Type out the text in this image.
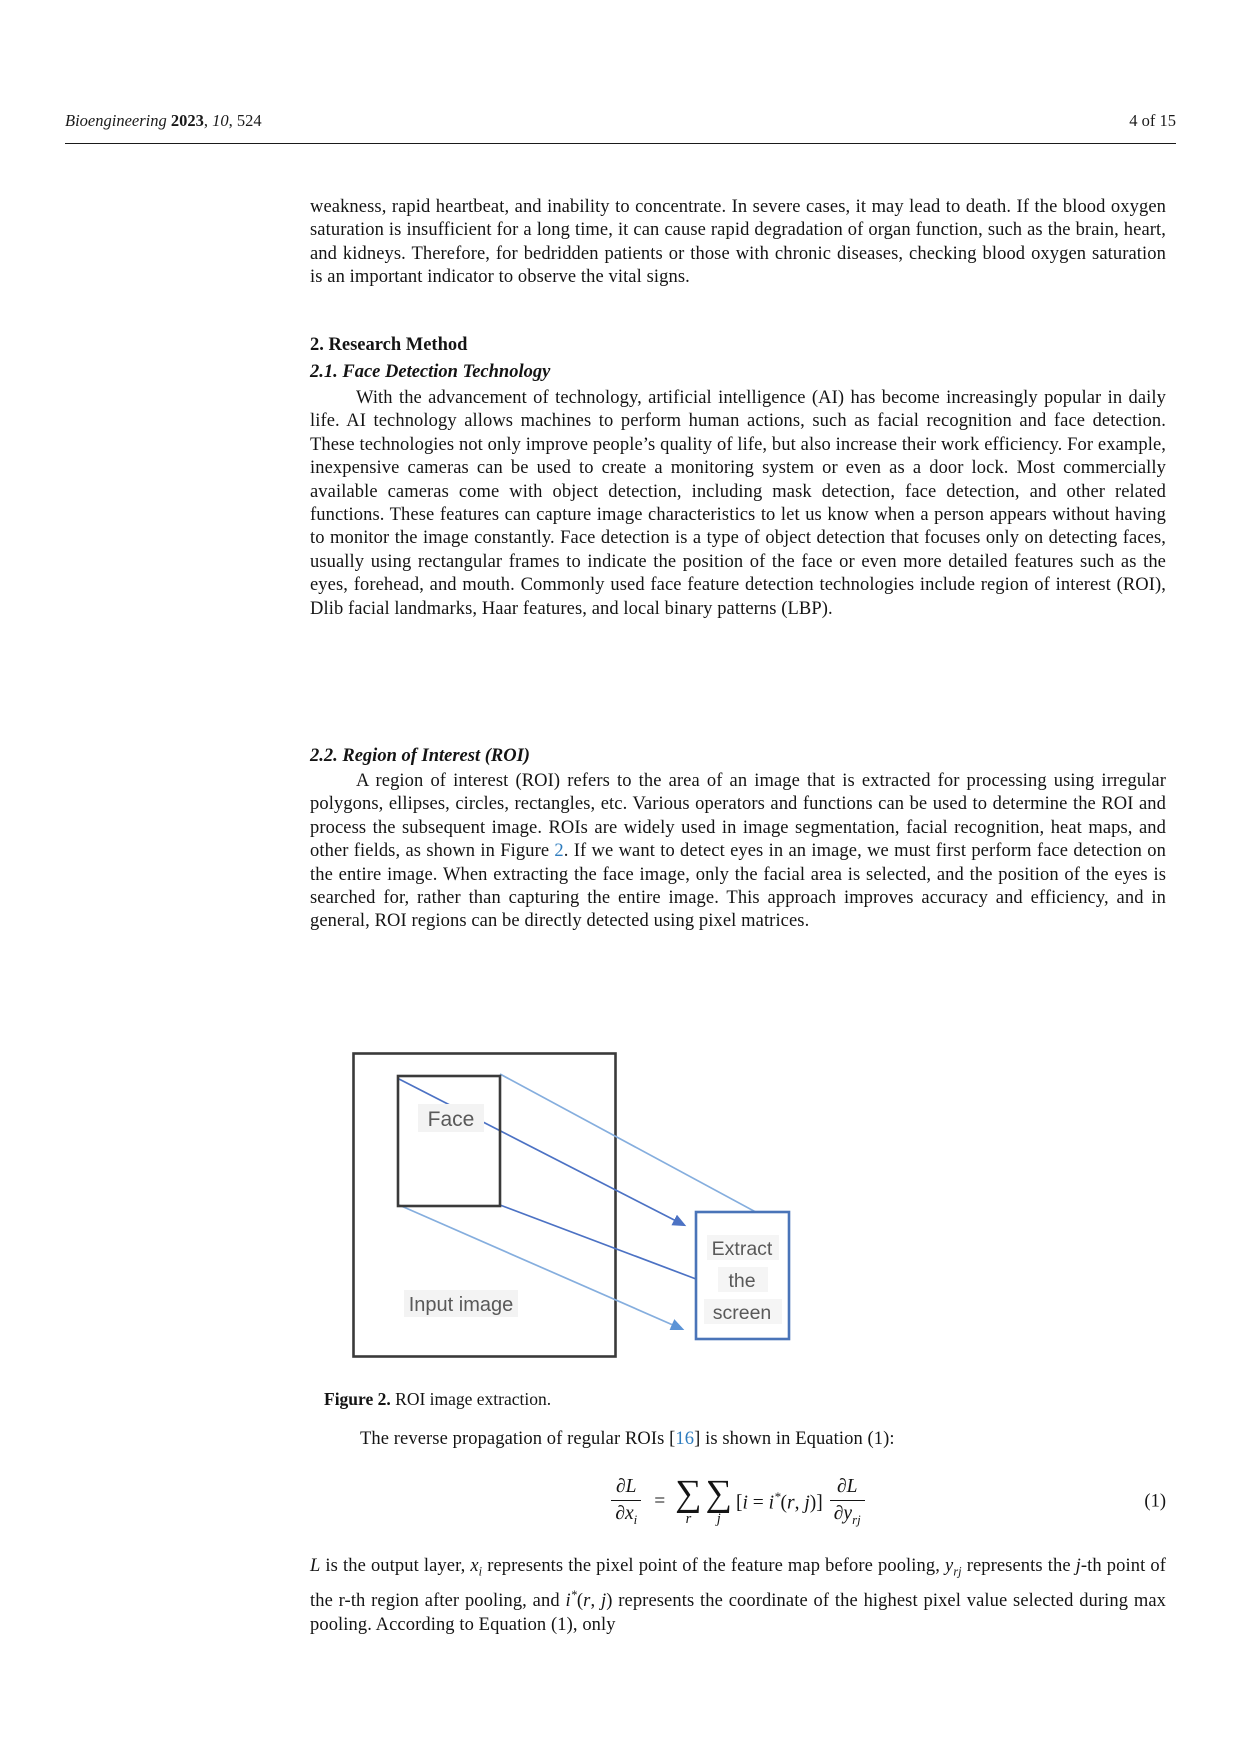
Bioengineering 2023, 10, 524	4 of 15

weakness, rapid heartbeat, and inability to concentrate. In severe cases, it may lead to death. If the blood oxygen saturation is insufficient for a long time, it can cause rapid degradation of organ function, such as the brain, heart, and kidneys. Therefore, for bedridden patients or those with chronic diseases, checking blood oxygen saturation is an important indicator to observe the vital signs.

2. Research Method
2.1. Face Detection Technology

With the advancement of technology, artificial intelligence (AI) has become increasingly popular in daily life. AI technology allows machines to perform human actions, such as facial recognition and face detection. These technologies not only improve people’s quality of life, but also increase their work efficiency. For example, inexpensive cameras can be used to create a monitoring system or even as a door lock. Most commercially available cameras come with object detection, including mask detection, face detection, and other related functions. These features can capture image characteristics to let us know when a person appears without having to monitor the image constantly. Face detection is a type of object detection that focuses only on detecting faces, usually using rectangular frames to indicate the position of the face or even more detailed features such as the eyes, forehead, and mouth. Commonly used face feature detection technologies include region of interest (ROI), Dlib facial landmarks, Haar features, and local binary patterns (LBP).

2.2. Region of Interest (ROI)

A region of interest (ROI) refers to the area of an image that is extracted for processing using irregular polygons, ellipses, circles, rectangles, etc. Various operators and functions can be used to determine the ROI and process the subsequent image. ROIs are widely used in image segmentation, facial recognition, heat maps, and other fields, as shown in Figure 2. If we want to detect eyes in an image, we must first perform face detection on the entire image. When extracting the face image, only the facial area is selected, and the position of the eyes is searched for, rather than capturing the entire image. This approach improves accuracy and efficiency, and in general, ROI regions can be directly detected using pixel matrices.

Face
Input image
Extract
the
screen

Figure 2. ROI image extraction.

The reverse propagation of regular ROIs [16] is shown in Equation (1):

$\frac{\partial L}{\partial x_i}$ = ∑
r
∑
j
[i = i*(r, $j)] \frac{\partial L}{\partial y_{rj}}$	(1)

L is the output layer, $x_i$ represents the pixel point of the feature map before pooling, $y_{rj}$ represents the j-th point of the r-th region after pooling, and i*(r, j) represents the coordinate of the highest pixel value selected during max pooling. According to Equation (1), only
